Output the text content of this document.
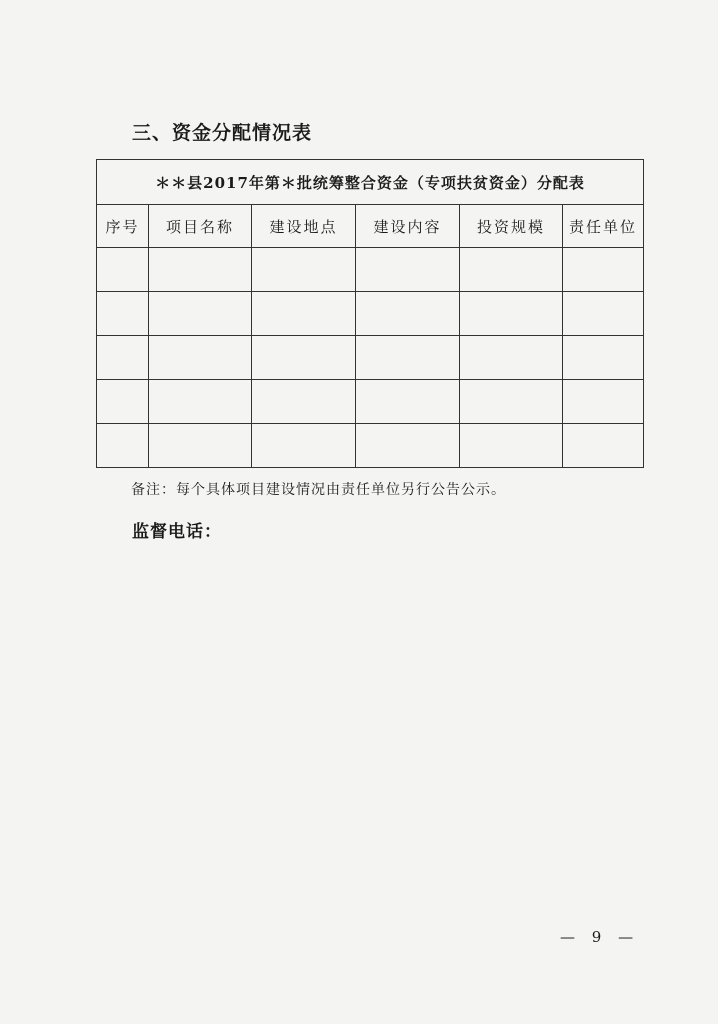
三、资金分配情况表
＊＊县2017年第＊批统筹整合资金（专项扶贫资金）分配表					
序号	项目名称	建设地点	建设内容	投资规模	责任单位

备注：每个具体项目建设情况由责任单位另行公告公示。
监督电话：
— 9 —
